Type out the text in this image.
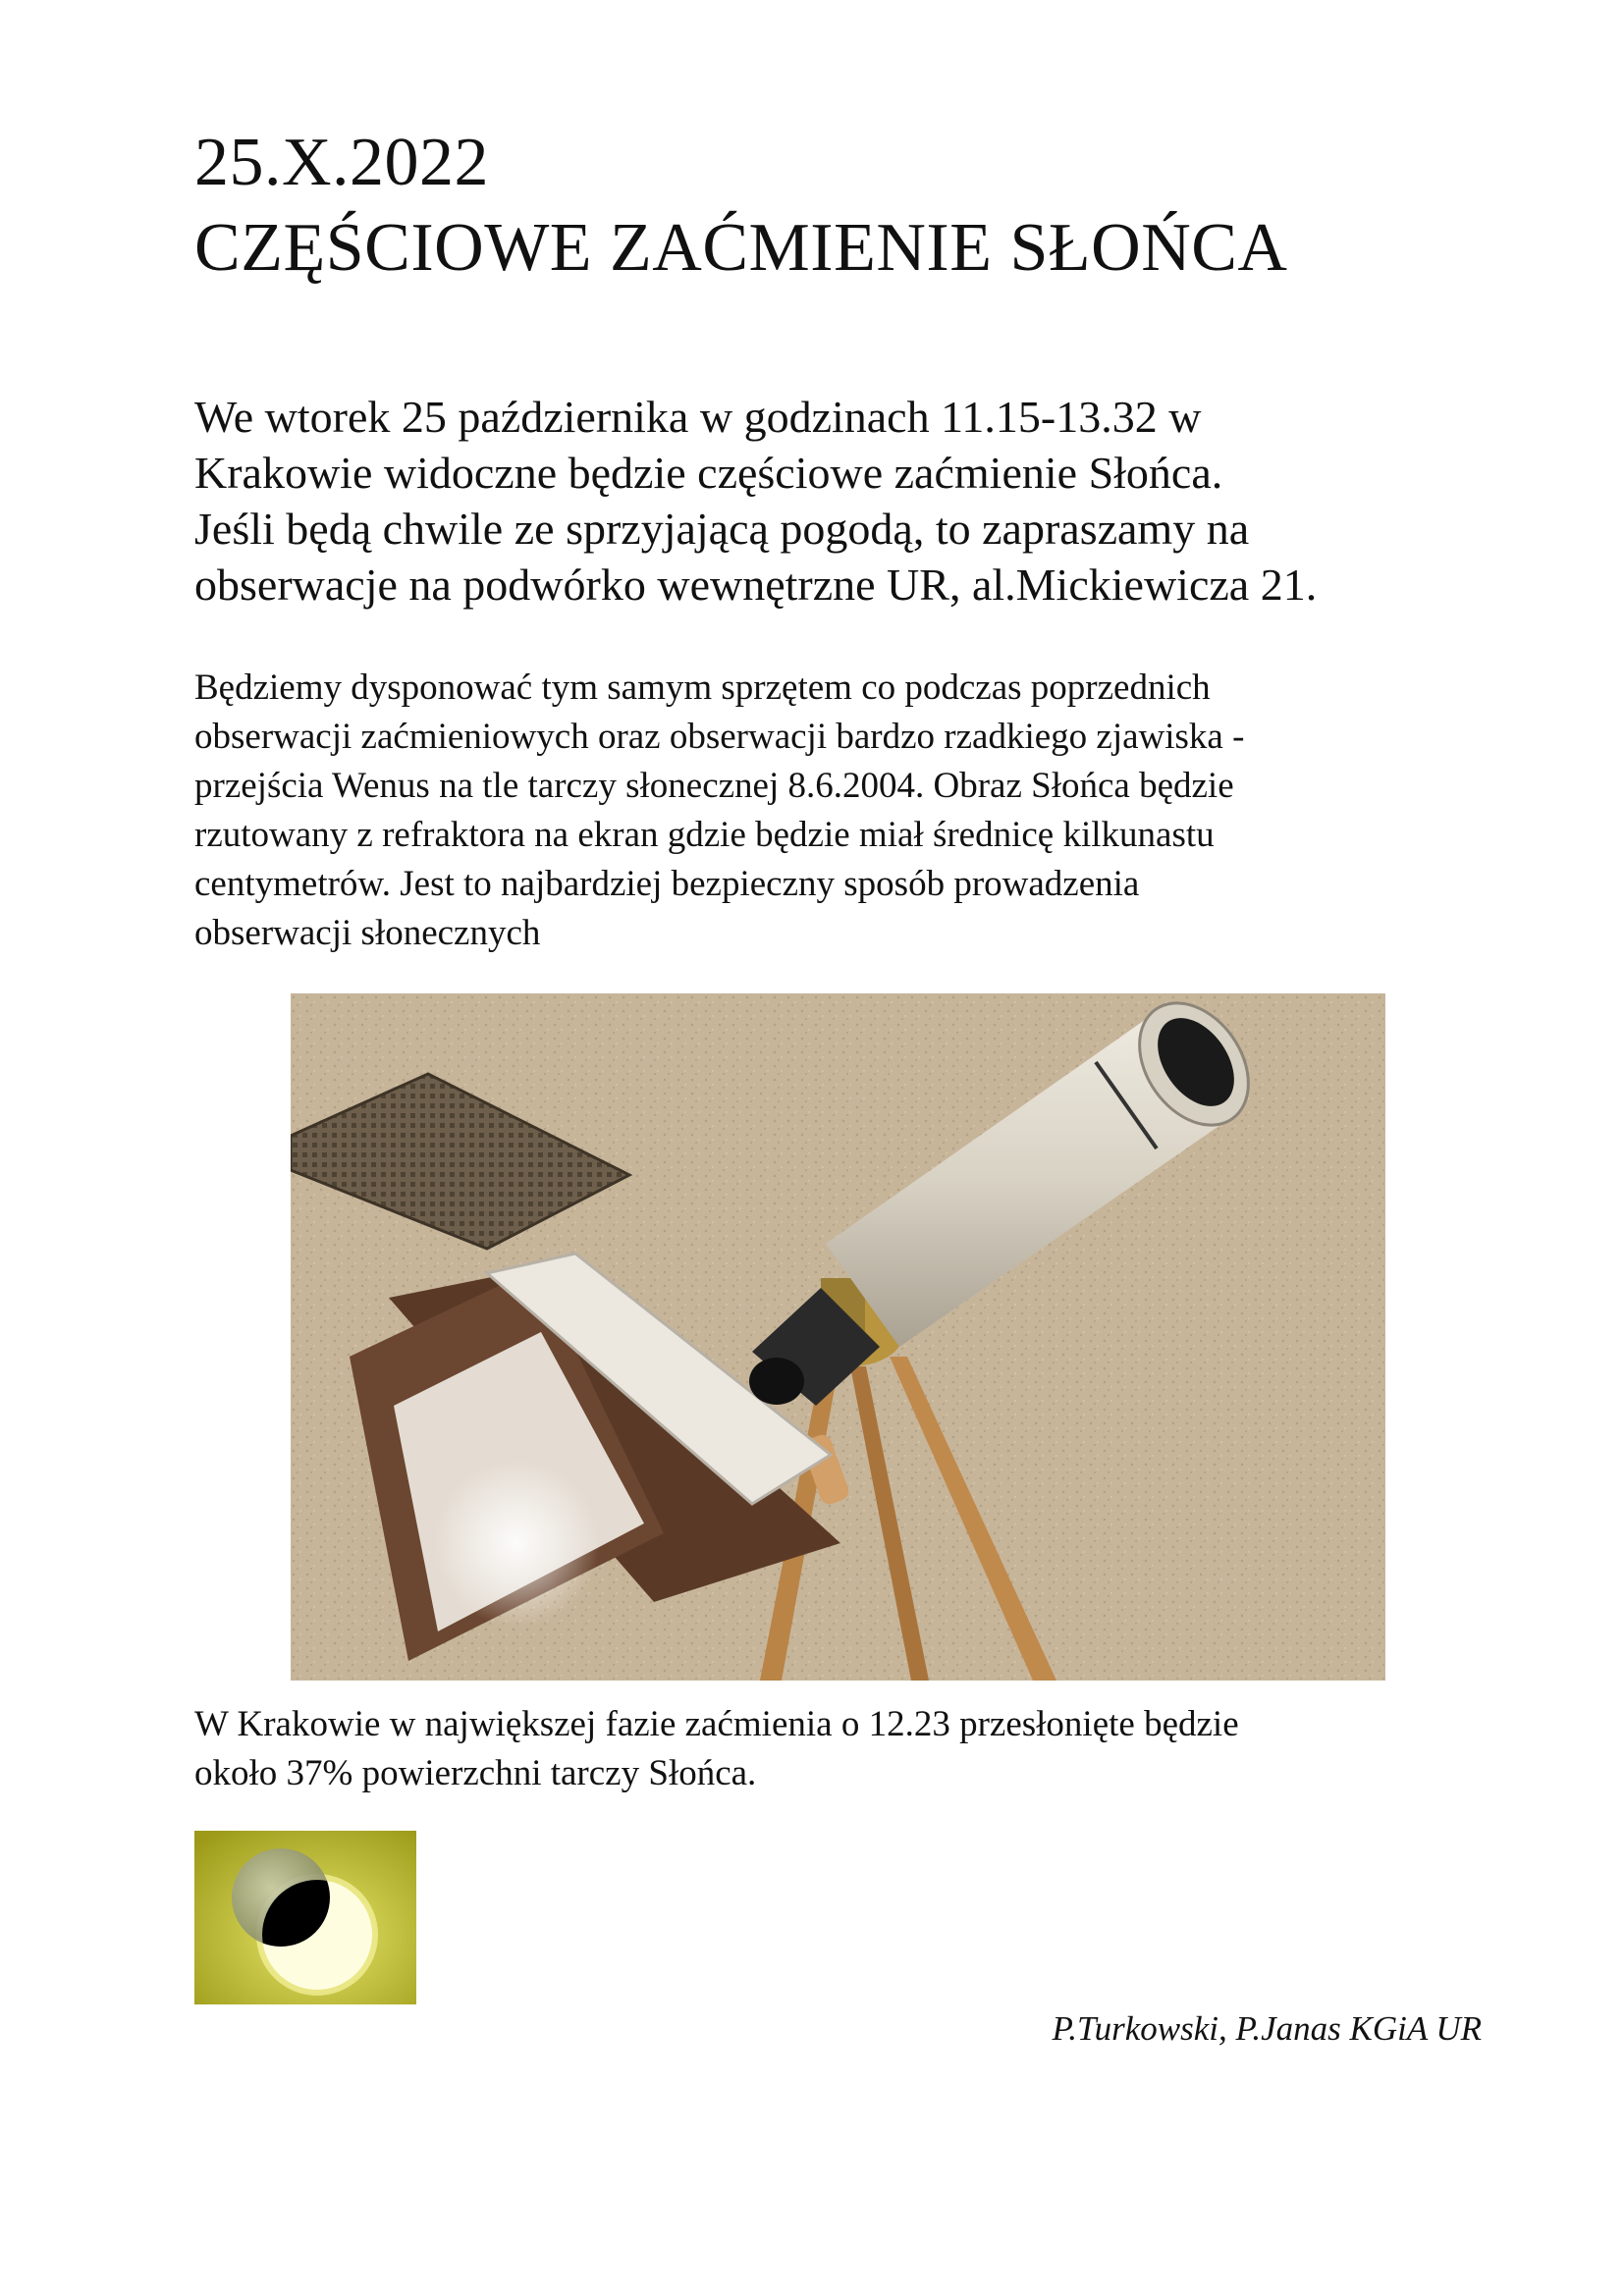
25.X.2022
CZĘŚCIOWE ZAĆMIENIE SŁOŃCA

We wtorek 25 października w godzinach 11.15-13.32 w
Krakowie widoczne będzie częściowe zaćmienie Słońca.
Jeśli będą chwile ze sprzyjającą pogodą, to zapraszamy na
obserwacje na podwórko wewnętrzne UR, al.Mickiewicza 21.

Będziemy dysponować tym samym sprzętem co podczas poprzednich
obserwacji zaćmieniowych oraz obserwacji bardzo rzadkiego zjawiska -
przejścia Wenus na tle tarczy słonecznej 8.6.2004. Obraz Słońca będzie
rzutowany z refraktora na ekran gdzie będzie miał średnicę kilkunastu
centymetrów. Jest to najbardziej bezpieczny sposób prowadzenia
obserwacji słonecznych

W Krakowie w największej fazie zaćmienia o 12.23 przesłonięte będzie
około 37% powierzchni tarczy Słońca.

P.Turkowski, P.Janas KGiA UR
